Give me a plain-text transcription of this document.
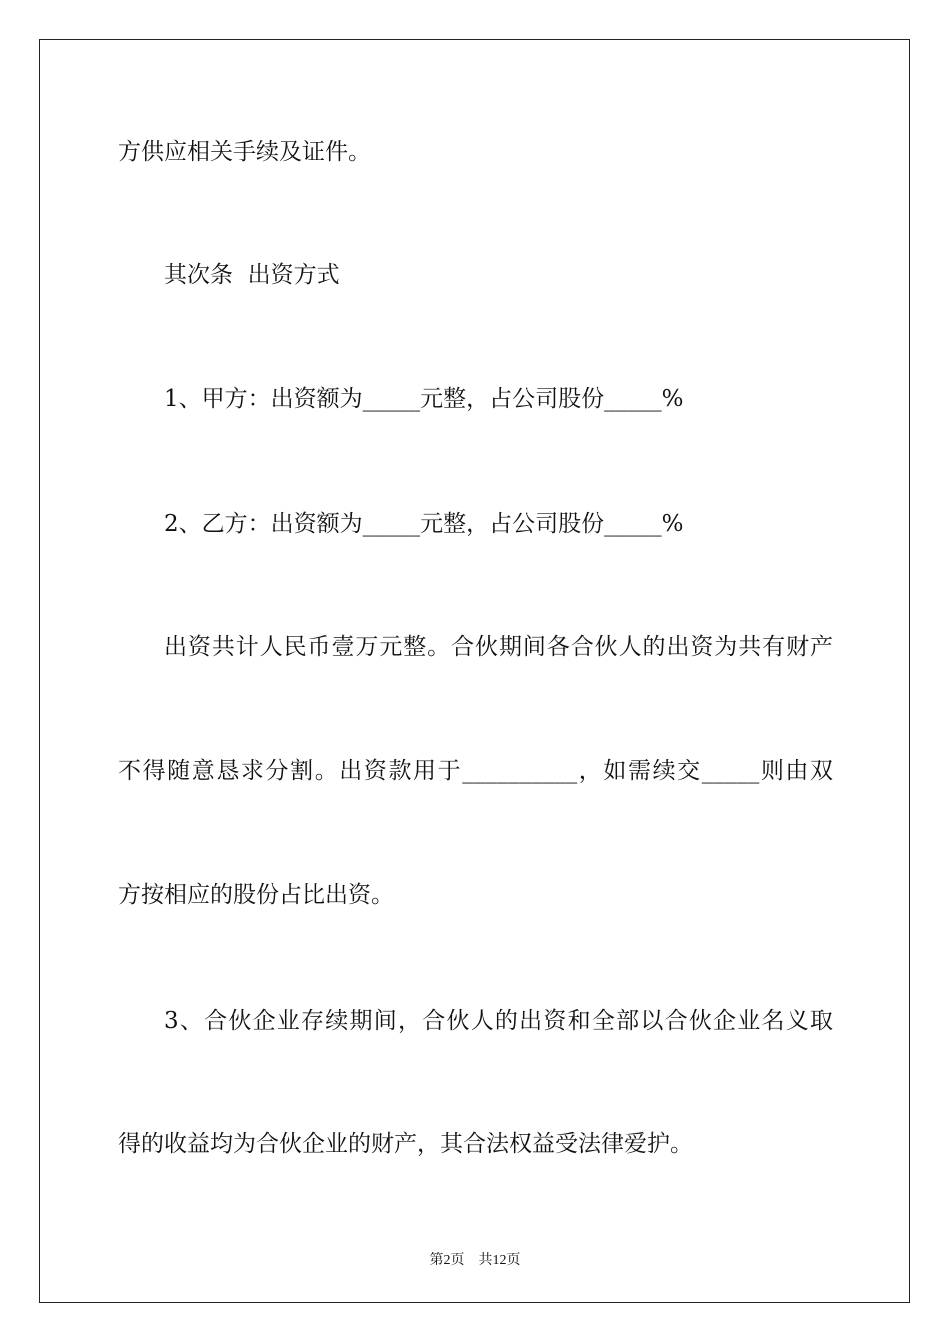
方供应相关手续及证件。
其次条  出资方式
1、甲方：出资额为_____元整，占公司股份_____%
2、乙方：出资额为_____元整，占公司股份_____%
出资共计人民币壹万元整。合伙期间各合伙人的出资为共有财产
不得随意恳求分割。出资款用于__________，如需续交_____则由双
方按相应的股份占比出资。
3、合伙企业存续期间，合伙人的出资和全部以合伙企业名义取
得的收益均为合伙企业的财产，其合法权益受法律爱护。
第2页    共12页
